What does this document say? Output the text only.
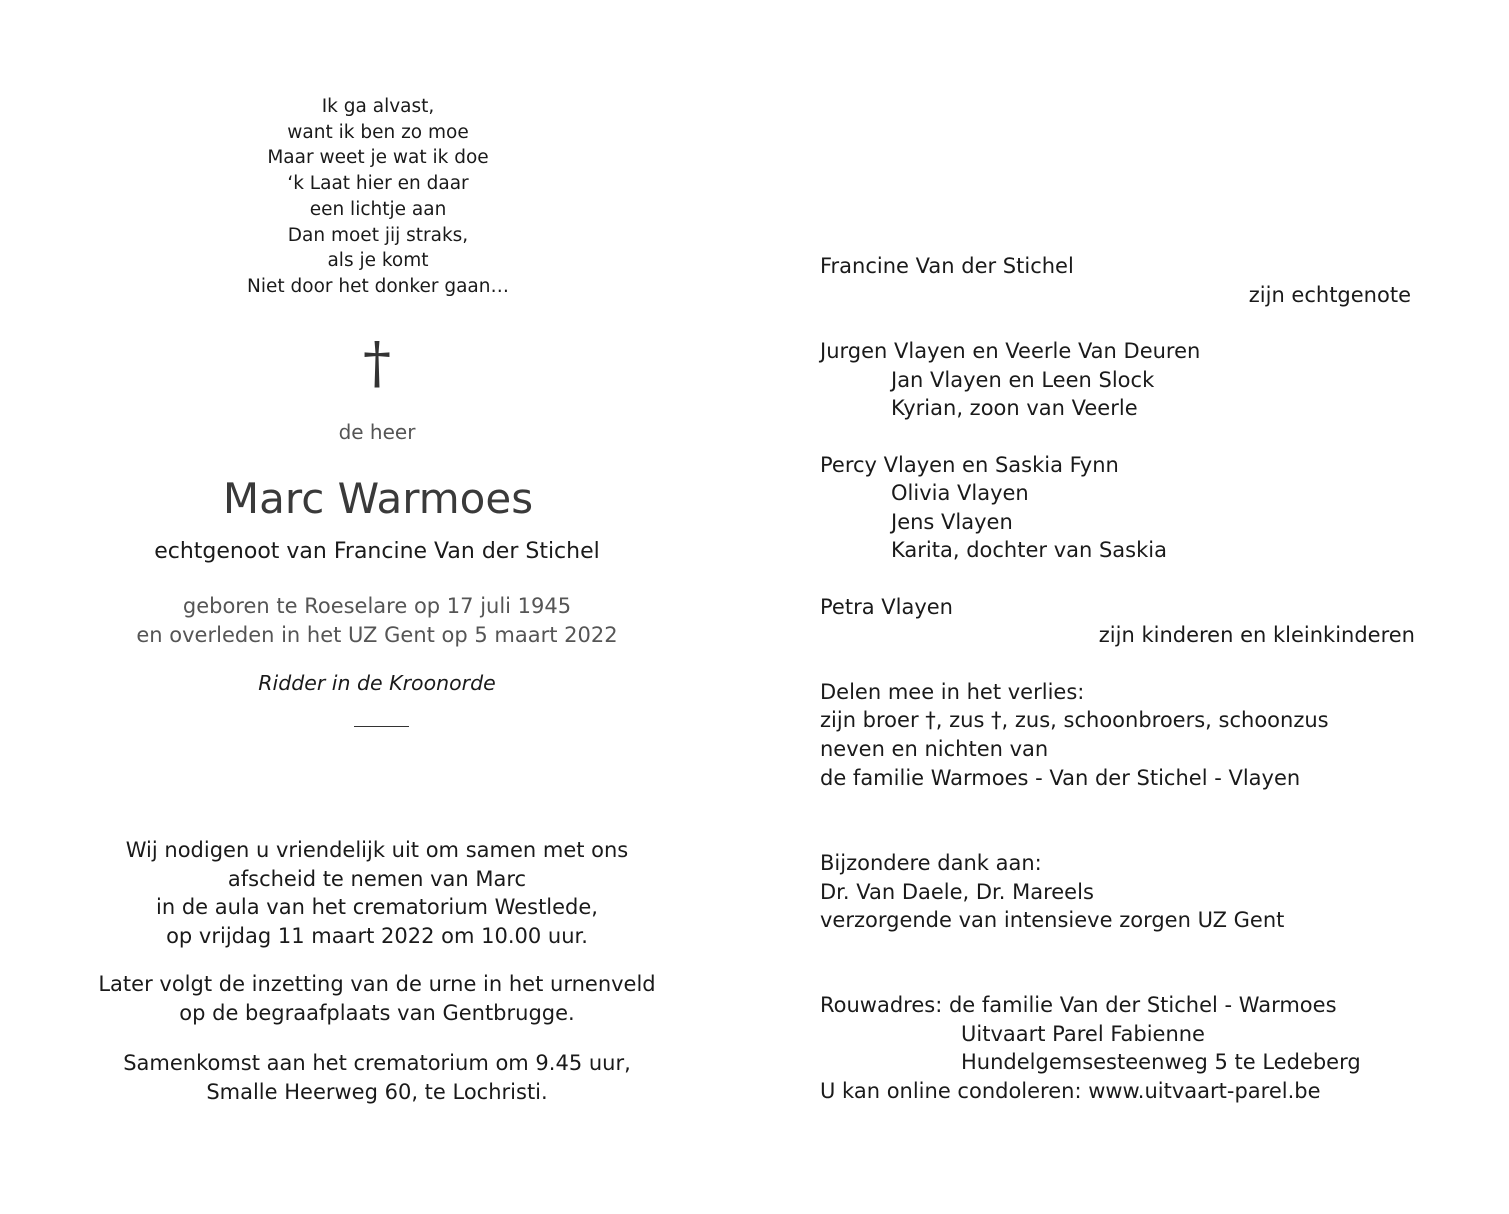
Ik ga alvast,
want ik ben zo moe
Maar weet je wat ik doe
‘k Laat hier en daar
een lichtje aan
Dan moet jij straks,
als je komt
Niet door het donker gaan…
†
de heer
Marc Warmoes
echtgenoot van Francine Van der Stichel
geboren te Roeselare op 17 juli 1945
en overleden in het UZ Gent op 5 maart 2022
Ridder in de Kroonorde
Wij nodigen u vriendelijk uit om samen met ons
afscheid te nemen van Marc
in de aula van het crematorium Westlede,
op vrijdag 11 maart 2022 om 10.00 uur.
Later volgt de inzetting van de urne in het urnenveld
op de begraafplaats van Gentbrugge.
Samenkomst aan het crematorium om 9.45 uur,
Smalle Heerweg 60, te Lochristi.
Francine Van der Stichel
zijn echtgenote
Jurgen Vlayen en Veerle Van Deuren
Jan Vlayen en Leen Slock
Kyrian, zoon van Veerle
Percy Vlayen en Saskia Fynn
Olivia Vlayen
Jens Vlayen
Karita, dochter van Saskia
Petra Vlayen
zijn kinderen en kleinkinderen
Delen mee in het verlies:
zijn broer †, zus †, zus, schoonbroers, schoonzus
neven en nichten van
de familie Warmoes - Van der Stichel - Vlayen
Bijzondere dank aan:
Dr. Van Daele, Dr. Mareels
verzorgende van intensieve zorgen UZ Gent
Rouwadres: de familie Van der Stichel - Warmoes
Uitvaart Parel Fabienne
Hundelgemsesteenweg 5 te Ledeberg
U kan online condoleren: www.uitvaart-parel.be
